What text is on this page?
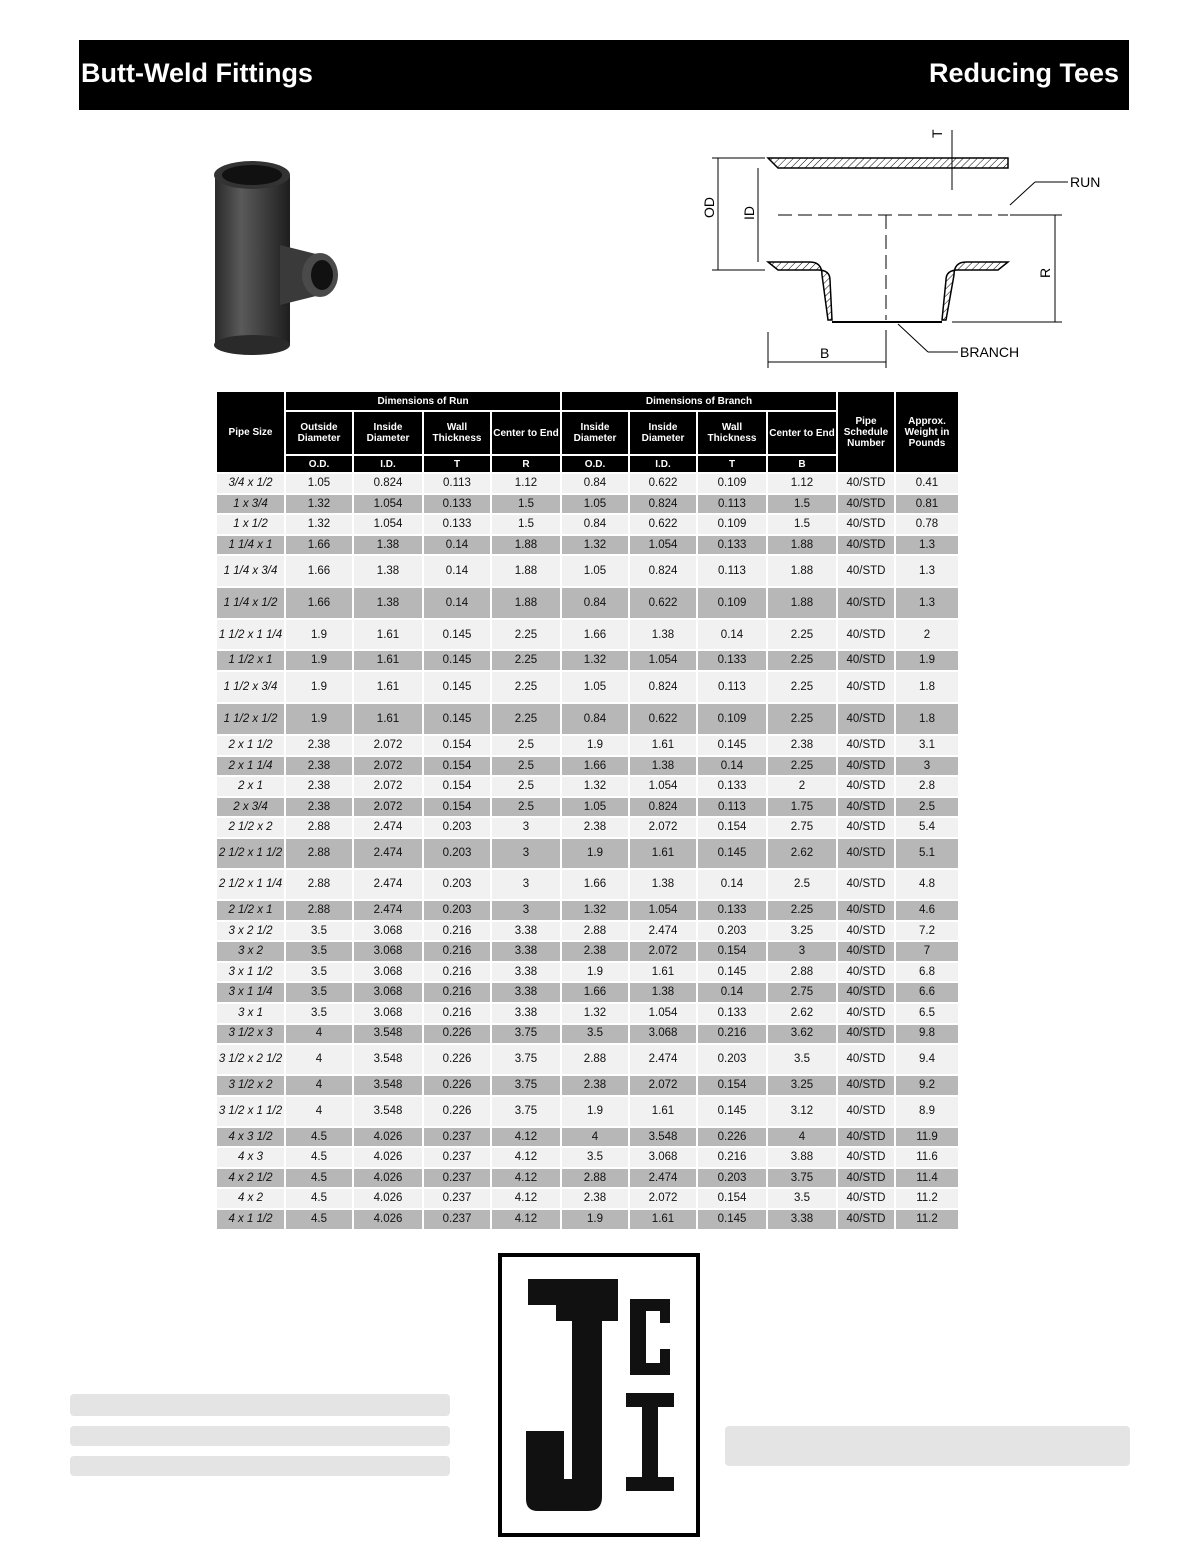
Butt-Weld Fittings	Reducing Tees
OD ID
T
R
B
RUN
BRANCH
Pipe Size	Dimensions of Run				Dimensions of Branch				Pipe Schedule Number	Approx. Weight in Pounds
	Outside Diameter	Inside Diameter	Wall Thickness	Center to End	Inside Diameter	Inside Diameter	Wall Thickness	Center to End		
	O.D.	I.D.	T	R	O.D.	I.D.	T	B		
3/4 x 1/2	1.05	0.824	0.113	1.12	0.84	0.622	0.109	1.12	40/STD	0.41
1 x 3/4	1.32	1.054	0.133	1.5	1.05	0.824	0.113	1.5	40/STD	0.81
1 x 1/2	1.32	1.054	0.133	1.5	0.84	0.622	0.109	1.5	40/STD	0.78
1 1/4 x 1	1.66	1.38	0.14	1.88	1.32	1.054	0.133	1.88	40/STD	1.3
1 1/4 x 3/4	1.66	1.38	0.14	1.88	1.05	0.824	0.113	1.88	40/STD	1.3
1 1/4 x 1/2	1.66	1.38	0.14	1.88	0.84	0.622	0.109	1.88	40/STD	1.3
1 1/2 x 1 1/4	1.9	1.61	0.145	2.25	1.66	1.38	0.14	2.25	40/STD	2
1 1/2 x 1	1.9	1.61	0.145	2.25	1.32	1.054	0.133	2.25	40/STD	1.9
1 1/2 x 3/4	1.9	1.61	0.145	2.25	1.05	0.824	0.113	2.25	40/STD	1.8
1 1/2 x 1/2	1.9	1.61	0.145	2.25	0.84	0.622	0.109	2.25	40/STD	1.8
2 x 1 1/2	2.38	2.072	0.154	2.5	1.9	1.61	0.145	2.38	40/STD	3.1
2 x 1 1/4	2.38	2.072	0.154	2.5	1.66	1.38	0.14	2.25	40/STD	3
2 x 1	2.38	2.072	0.154	2.5	1.32	1.054	0.133	2	40/STD	2.8
2 x 3/4	2.38	2.072	0.154	2.5	1.05	0.824	0.113	1.75	40/STD	2.5
2 1/2 x 2	2.88	2.474	0.203	3	2.38	2.072	0.154	2.75	40/STD	5.4
2 1/2 x 1 1/2	2.88	2.474	0.203	3	1.9	1.61	0.145	2.62	40/STD	5.1
2 1/2 x 1 1/4	2.88	2.474	0.203	3	1.66	1.38	0.14	2.5	40/STD	4.8
2 1/2 x 1	2.88	2.474	0.203	3	1.32	1.054	0.133	2.25	40/STD	4.6
3 x 2 1/2	3.5	3.068	0.216	3.38	2.88	2.474	0.203	3.25	40/STD	7.2
3 x 2	3.5	3.068	0.216	3.38	2.38	2.072	0.154	3	40/STD	7
3 x 1 1/2	3.5	3.068	0.216	3.38	1.9	1.61	0.145	2.88	40/STD	6.8
3 x 1 1/4	3.5	3.068	0.216	3.38	1.66	1.38	0.14	2.75	40/STD	6.6
3 x 1	3.5	3.068	0.216	3.38	1.32	1.054	0.133	2.62	40/STD	6.5
3 1/2 x 3	4	3.548	0.226	3.75	3.5	3.068	0.216	3.62	40/STD	9.8
3 1/2 x 2 1/2	4	3.548	0.226	3.75	2.88	2.474	0.203	3.5	40/STD	9.4
3 1/2 x 2	4	3.548	0.226	3.75	2.38	2.072	0.154	3.25	40/STD	9.2
3 1/2 x 1 1/2	4	3.548	0.226	3.75	1.9	1.61	0.145	3.12	40/STD	8.9
4 x 3 1/2	4.5	4.026	0.237	4.12	4	3.548	0.226	4	40/STD	11.9
4 x 3	4.5	4.026	0.237	4.12	3.5	3.068	0.216	3.88	40/STD	11.6
4 x 2 1/2	4.5	4.026	0.237	4.12	2.88	2.474	0.203	3.75	40/STD	11.4
4 x 2	4.5	4.026	0.237	4.12	2.38	2.072	0.154	3.5	40/STD	11.2
4 x 1 1/2	4.5	4.026	0.237	4.12	1.9	1.61	0.145	3.38	40/STD	11.2
